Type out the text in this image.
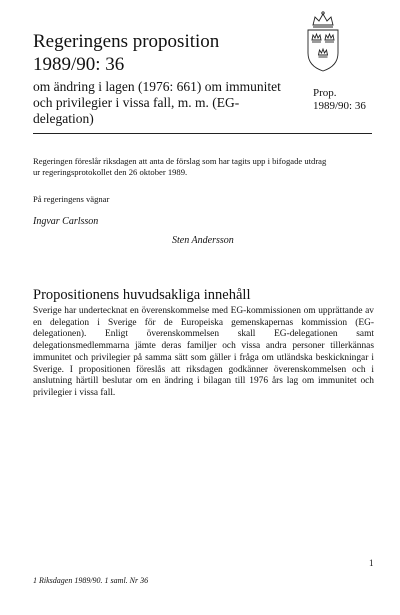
Regeringens proposition
1989/90: 36
om ändring i lagen (1976: 661) om immunitet och privilegier i vissa fall, m. m. (EG-delegation)
Prop.
1989/90: 36
Regeringen föreslår riksdagen att anta de förslag som har tagits upp i bifogade utdrag ur regeringsprotokollet den 26 oktober 1989.
På regeringens vägnar
Ingvar Carlsson
Sten Andersson
Propositionens huvudsakliga innehåll
Sverige har undertecknat en överenskommelse med EG-kommissionen om upprättande av en delegation i Sverige för de Europeiska gemenskapernas kommission (EG-delegationen). Enligt överenskommelsen skall EG-delegationen samt delegationsmedlemmarna jämte deras familjer och vissa andra personer tillerkännas immunitet och privilegier på samma sätt som gäller i fråga om utländska beskickningar i Sverige. I propositionen föreslås att riksdagen godkänner överenskommelsen och i anslutning härtill beslutar om en ändring i bilagan till 1976 års lag om immunitet och privilegier i vissa fall.
1
1 Riksdagen 1989/90. 1 saml. Nr 36
